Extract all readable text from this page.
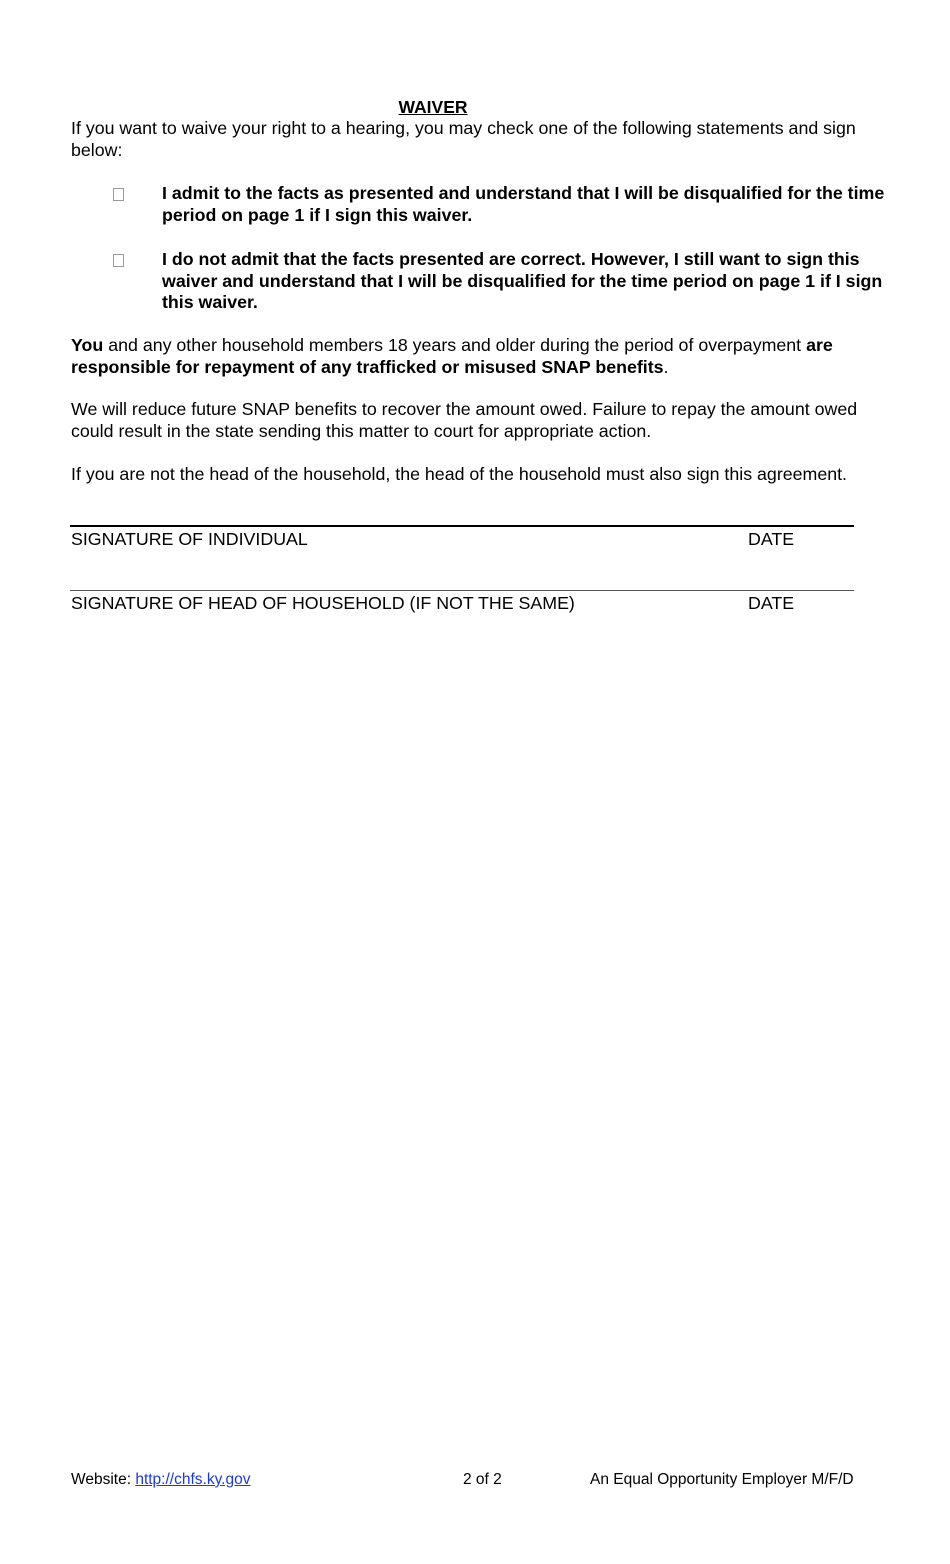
WAIVER
If you want to waive your right to a hearing, you may check one of the following statements and sign below:
I admit to the facts as presented and understand that I will be disqualified for the time period on page 1 if I sign this waiver.
I do not admit that the facts presented are correct. However, I still want to sign this waiver and understand that I will be disqualified for the time period on page 1 if I sign this waiver.
You and any other household members 18 years and older during the period of overpayment are responsible for repayment of any trafficked or misused SNAP benefits.
We will reduce future SNAP benefits to recover the amount owed. Failure to repay the amount owed could result in the state sending this matter to court for appropriate action.
If you are not the head of the household, the head of the household must also sign this agreement.
SIGNATURE OF INDIVIDUAL	DATE
SIGNATURE OF HEAD OF HOUSEHOLD (IF NOT THE SAME)	DATE
Website: http://chfs.ky.gov	2 of 2	An Equal Opportunity Employer M/F/D
